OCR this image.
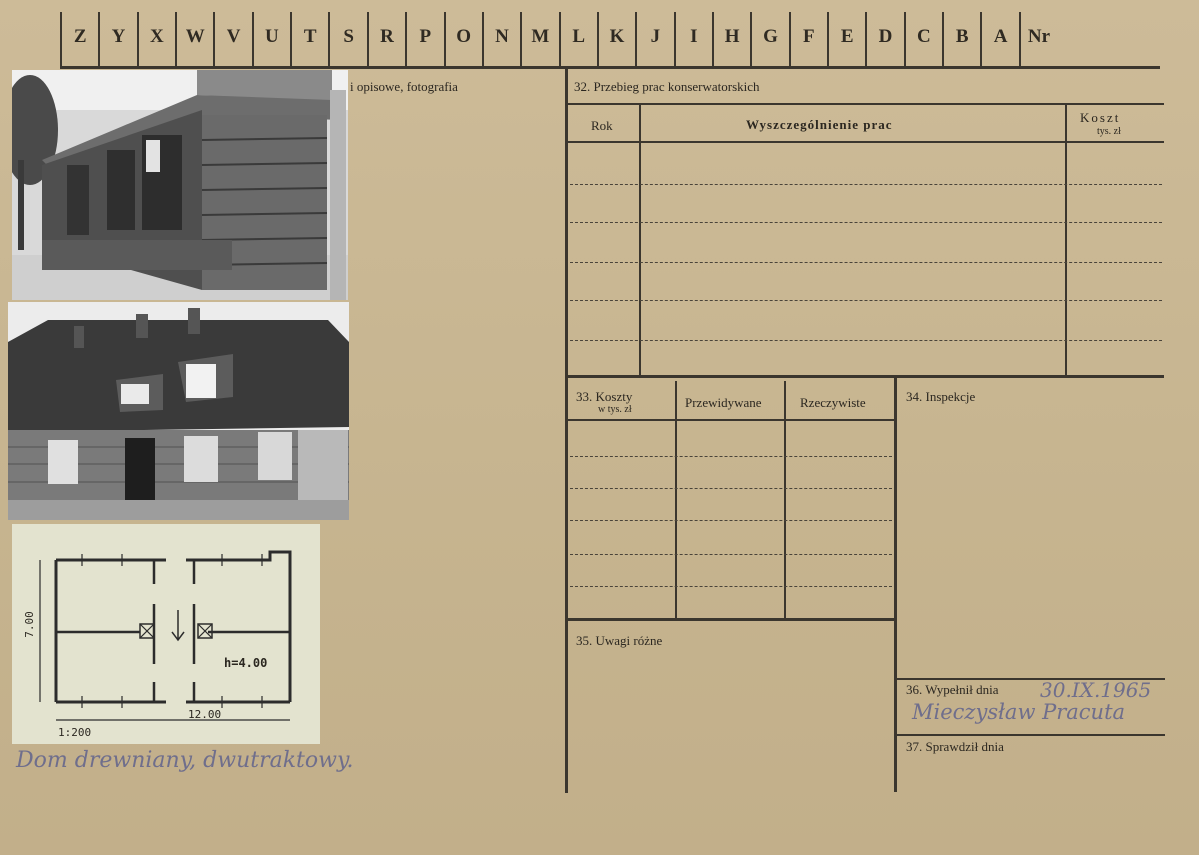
Z	Y	X	W	V	U	T	S	R	P	O	N	M	L	K	J	I	H	G	F	E	D	C	B	A	Nr
7.00
12.00
h=4.00
1:200
i opisowe, fotografia
Dom drewniany, dwutraktowy.
32. Przebieg prac konserwatorskich
Rok	Wyszczególnienie prac	Koszt
tys. zł
33. Koszty
w tys. zł	Przewidywane	Rzeczywiste	34. Inspekcje
35. Uwagi różne
36. Wypełnił dnia 30.IX.1965
Mieczysław Pracuta
37. Sprawdził dnia
